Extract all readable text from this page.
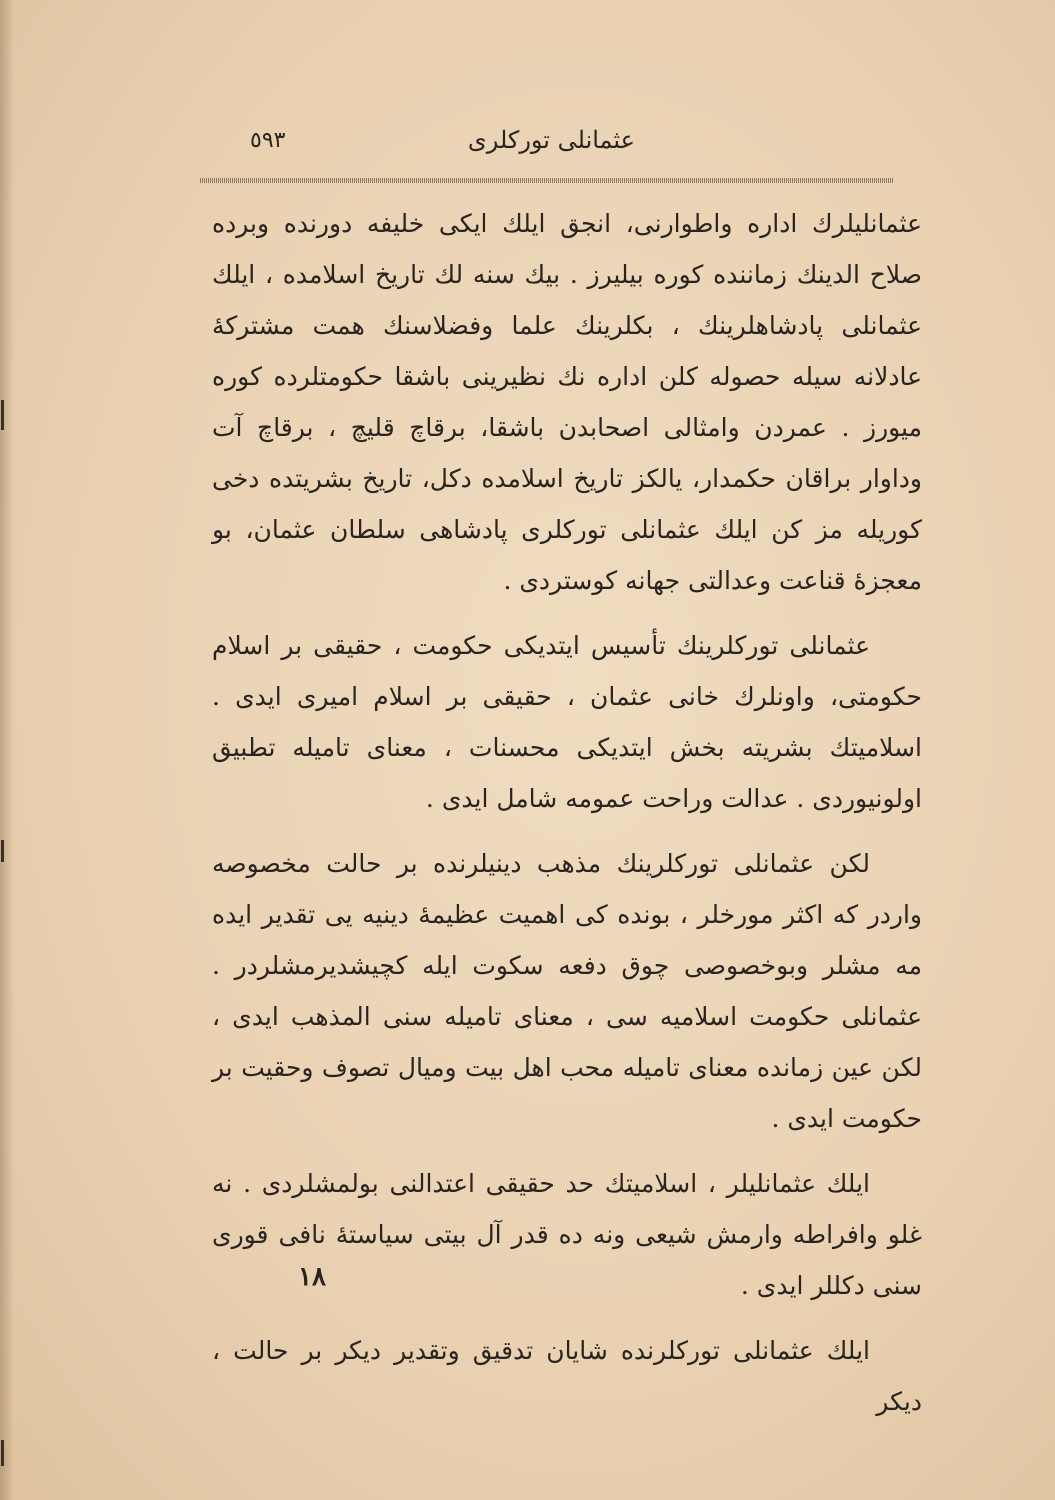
عثمانلی تورکلری
٥٩٣

عثمانلیلرك اداره واطوارنی، انجق ایلك ایکی خلیفه دورنده وبرده صلاح الدینك زماننده کوره بیلیرز . بیك سنه لك تاریخ اسلامده ، ایلك عثمانلی پادشاهلرینك ، بکلرینك علما وفضلاسنك همت مشترکهٔ عادلانه سیله حصوله کلن اداره نك نظیرینی باشقا حکومتلرده کوره میورز . عمردن وامثالی اصحابدن باشقا، برقاچ قلیچ ، برقاچ آت وداوار براقان حکمدار، یالکز تاریخ اسلامده دکل، تاریخ بشریتده دخی کوریله مز کن ایلك عثمانلی تورکلری پادشاهی سلطان عثمان، بو معجزهٔ قناعت وعدالتی جهانه کوستردی .

عثمانلی تورکلرینك تأسیس ایتدیکی حکومت ، حقیقی بر اسلام حکومتی، واونلرك خانی عثمان ، حقیقی بر اسلام امیری ایدی . اسلامیتك بشریته بخش ایتدیکی محسنات ، معنای تامیله تطبیق اولونیوردی . عدالت وراحت عمومه شامل ایدی .

لکن عثمانلی تورکلرینك مذهب دینیلرنده بر حالت مخصوصه واردر که اکثر مورخلر ، بونده کی اهمیت عظیمهٔ دینیه یی تقدیر ایده مه مشلر وبوخصوصی چوق دفعه سکوت ایله کچیشدیرمشلردر . عثمانلی حکومت اسلامیه سی ، معنای تامیله سنی المذهب ایدی ، لکن عین زمانده معنای تامیله محب اهل بیت ومیال تصوف وحقیت بر حکومت ایدی .

ایلك عثمانلیلر ، اسلامیتك حد حقیقی اعتدالنی بولمشلردی . نه غلو وافراطه وارمش شیعی ونه ده قدر آل بیتی سیاستهٔ نافی قوری سنی دکللر ایدی .

ایلك عثمانلی تورکلرنده شایان تدقیق وتقدیر دیکر بر حالت ، دیکر

١٨
